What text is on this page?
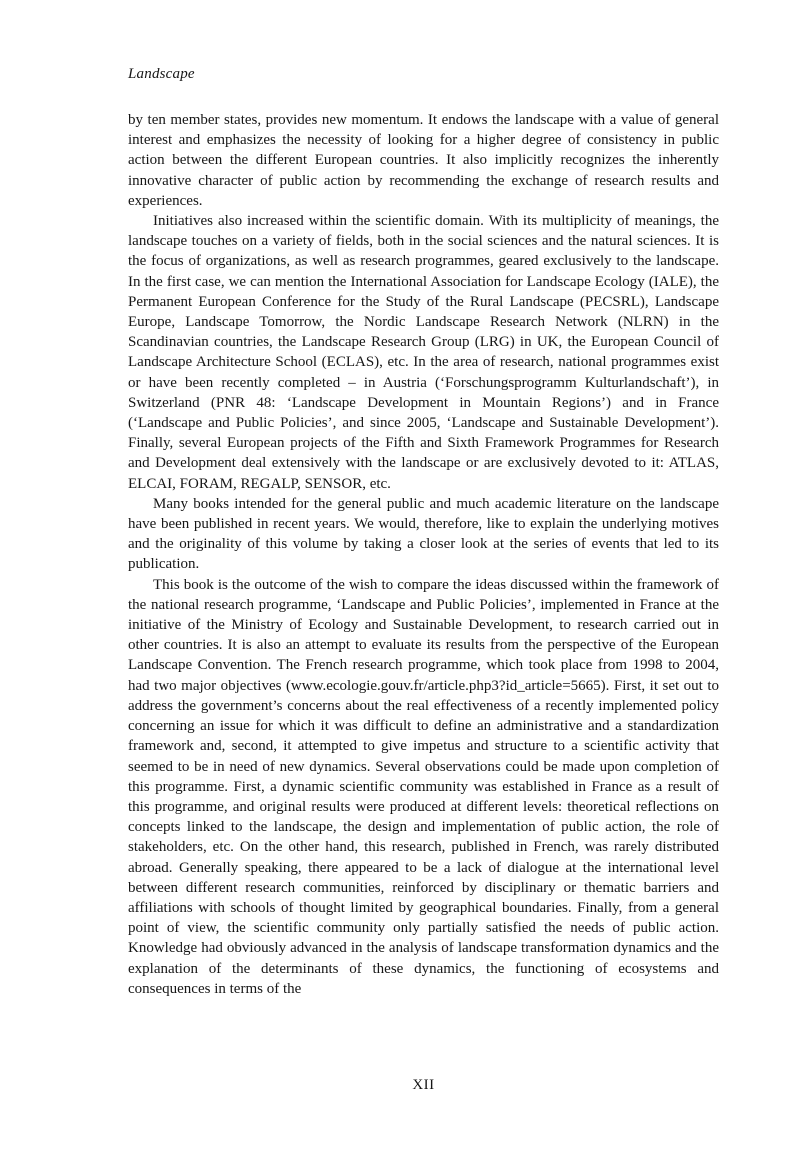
Landscape

by ten member states, provides new momentum. It endows the landscape with a value of general interest and emphasizes the necessity of looking for a higher degree of consistency in public action between the different European countries. It also implicitly recognizes the inherently innovative character of public action by recommending the exchange of research results and experiences.

Initiatives also increased within the scientific domain. With its multiplicity of meanings, the landscape touches on a variety of fields, both in the social sciences and the natural sciences. It is the focus of organizations, as well as research programmes, geared exclusively to the landscape. In the first case, we can mention the International Association for Landscape Ecology (IALE), the Permanent European Conference for the Study of the Rural Landscape (PECSRL), Landscape Europe, Landscape Tomorrow, the Nordic Landscape Research Network (NLRN) in the Scandinavian countries, the Landscape Research Group (LRG) in UK, the European Council of Landscape Architecture School (ECLAS), etc. In the area of research, national programmes exist or have been recently completed – in Austria (‘Forschungsprogramm Kulturlandschaft’), in Switzerland (PNR 48: ‘Landscape Development in Mountain Regions’) and in France (‘Landscape and Public Policies’, and since 2005, ‘Landscape and Sustainable Development’). Finally, several European projects of the Fifth and Sixth Framework Programmes for Research and Development deal extensively with the landscape or are exclusively devoted to it: ATLAS, ELCAI, FORAM, REGALP, SENSOR, etc.

Many books intended for the general public and much academic literature on the landscape have been published in recent years. We would, therefore, like to explain the underlying motives and the originality of this volume by taking a closer look at the series of events that led to its publication.

This book is the outcome of the wish to compare the ideas discussed within the framework of the national research programme, ‘Landscape and Public Policies’, implemented in France at the initiative of the Ministry of Ecology and Sustainable Development, to research carried out in other countries. It is also an attempt to evaluate its results from the perspective of the European Landscape Convention. The French research programme, which took place from 1998 to 2004, had two major objectives (www.ecologie.gouv.fr/article.php3?id_article=5665). First, it set out to address the government’s concerns about the real effectiveness of a recently implemented policy concerning an issue for which it was difficult to define an administrative and a standardization framework and, second, it attempted to give impetus and structure to a scientific activity that seemed to be in need of new dynamics. Several observations could be made upon completion of this programme. First, a dynamic scientific community was established in France as a result of this programme, and original results were produced at different levels: theoretical reflections on concepts linked to the landscape, the design and implementation of public action, the role of stakeholders, etc. On the other hand, this research, published in French, was rarely distributed abroad. Generally speaking, there appeared to be a lack of dialogue at the international level between different research communities, reinforced by disciplinary or thematic barriers and affiliations with schools of thought limited by geographical boundaries. Finally, from a general point of view, the scientific community only partially satisfied the needs of public action. Knowledge had obviously advanced in the analysis of landscape transformation dynamics and the explanation of the determinants of these dynamics, the functioning of ecosystems and consequences in terms of the

XII
